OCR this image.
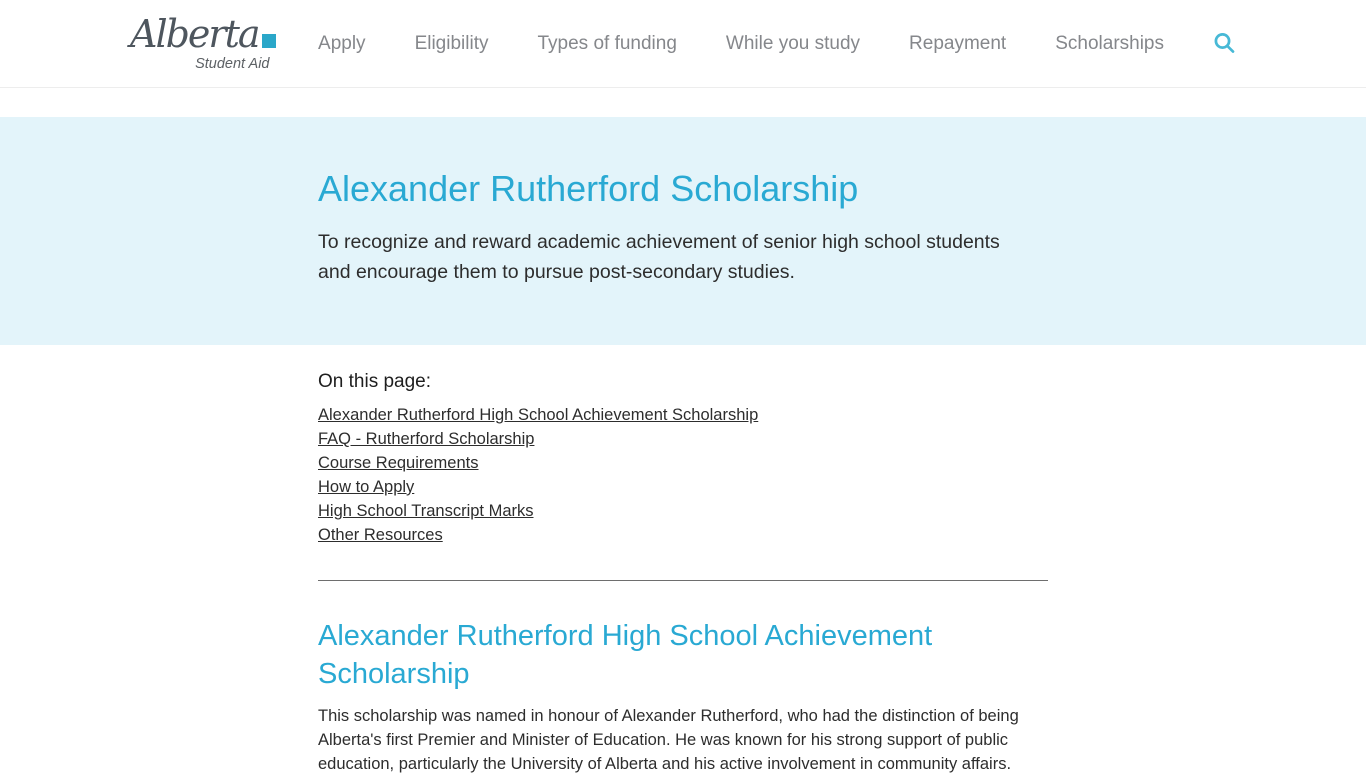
Alberta
Student Aid
Apply	Eligibility	Types of funding	While you study	Repayment	Scholarships
Alexander Rutherford Scholarship

To recognize and reward academic achievement of senior high school students and encourage them to pursue post-secondary studies.

On this page:

Alexander Rutherford High School Achievement Scholarship
FAQ - Rutherford Scholarship
Course Requirements
How to Apply
High School Transcript Marks
Other Resources
Alexander Rutherford High School Achievement Scholarship

This scholarship was named in honour of Alexander Rutherford, who had the distinction of being Alberta's first Premier and Minister of Education. He was known for his strong support of public education, particularly the University of Alberta and his active involvement in community affairs.
